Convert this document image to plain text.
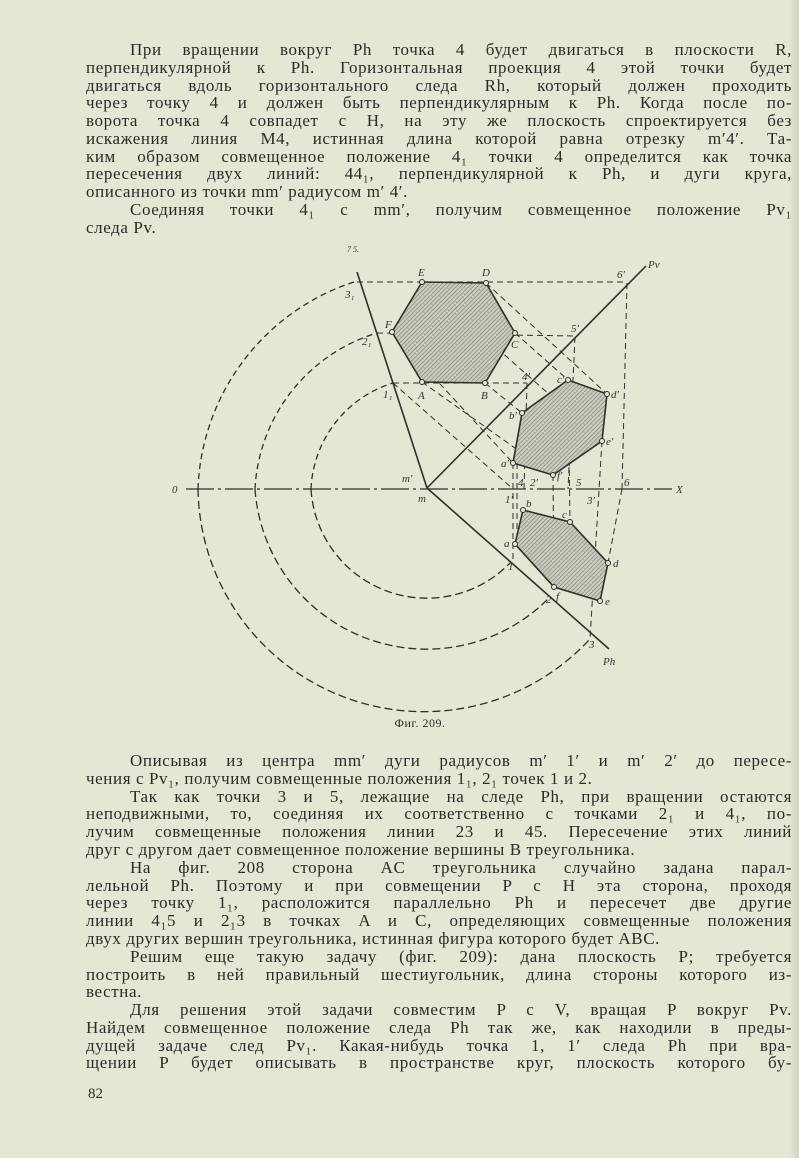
При вращении вокруг Ph точка 4 будет двигаться в плоскости R,
перпендикулярной к Ph. Горизонтальная проекция 4 этой точки будет
двигаться вдоль горизонтального следа Rh, который должен проходить
через точку 4 и должен быть перпендикулярным к Ph. Когда после по-
ворота точка 4 совпадет с H, на эту же плоскость спроектируется без
искажения линия M4, истинная длина которой равна отрезку m′4′. Та-
ким образом совмещенное положение 4₁ точки 4 определится как точка
пересечения двух линий: 44₁, перпендикулярной к Ph, и дуги круга,
описанного из точки mm′ радиусом m′ 4′.
Соединяя точки 4₁ с mm′, получим совмещенное положение Pv₁
следа Pv.
7 5.
Pv
E	D	6′
3₁
F
2₁	C
5′
4′
1₁ A	B
c′
d′
b′
e′
a′
f′
4 2′	5	6
0	X
m′
m	1′	3′
b
c
a
d
1
2 f	e
3
Ph
Фиг. 209.
Описывая из центра mm′ дуги радиусов m′ 1′ и m′ 2′ до пересе-
чения с Pv₁, получим совмещенные положения 1₁, 2₁ точек 1 и 2.
Так как точки 3 и 5, лежащие на следе Ph, при вращении остаются
неподвижными, то, соединяя их соответственно с точками 2₁ и 4₁, по-
лучим совмещенные положения линии 23 и 45. Пересечение этих линий
друг с другом дает совмещенное положение вершины B треугольника.
На фиг. 208 сторона AC треугольника случайно задана парал-
лельной Ph. Поэтому и при совмещении P с H эта сторона, проходя
через точку 1₁, расположится параллельно Ph и пересечет две другие
линии 4₁5 и 2₁3 в точках A и C, определяющих совмещенные положения
двух других вершин треугольника, истинная фигура которого будет ABC.
Решим еще такую задачу (фиг. 209): дана плоскость P; требуется
построить в ней правильный шестиугольник, длина стороны которого из-
вестна.
Для решения этой задачи совместим P с V, вращая P вокруг Pv.
Найдем совмещенное положение следа Ph так же, как находили в преды-
дущей задаче след Pv₁. Какая-нибудь точка 1, 1′ следа Ph при вра-
щении P будет описывать в пространстве круг, плоскость которого бу-
82
